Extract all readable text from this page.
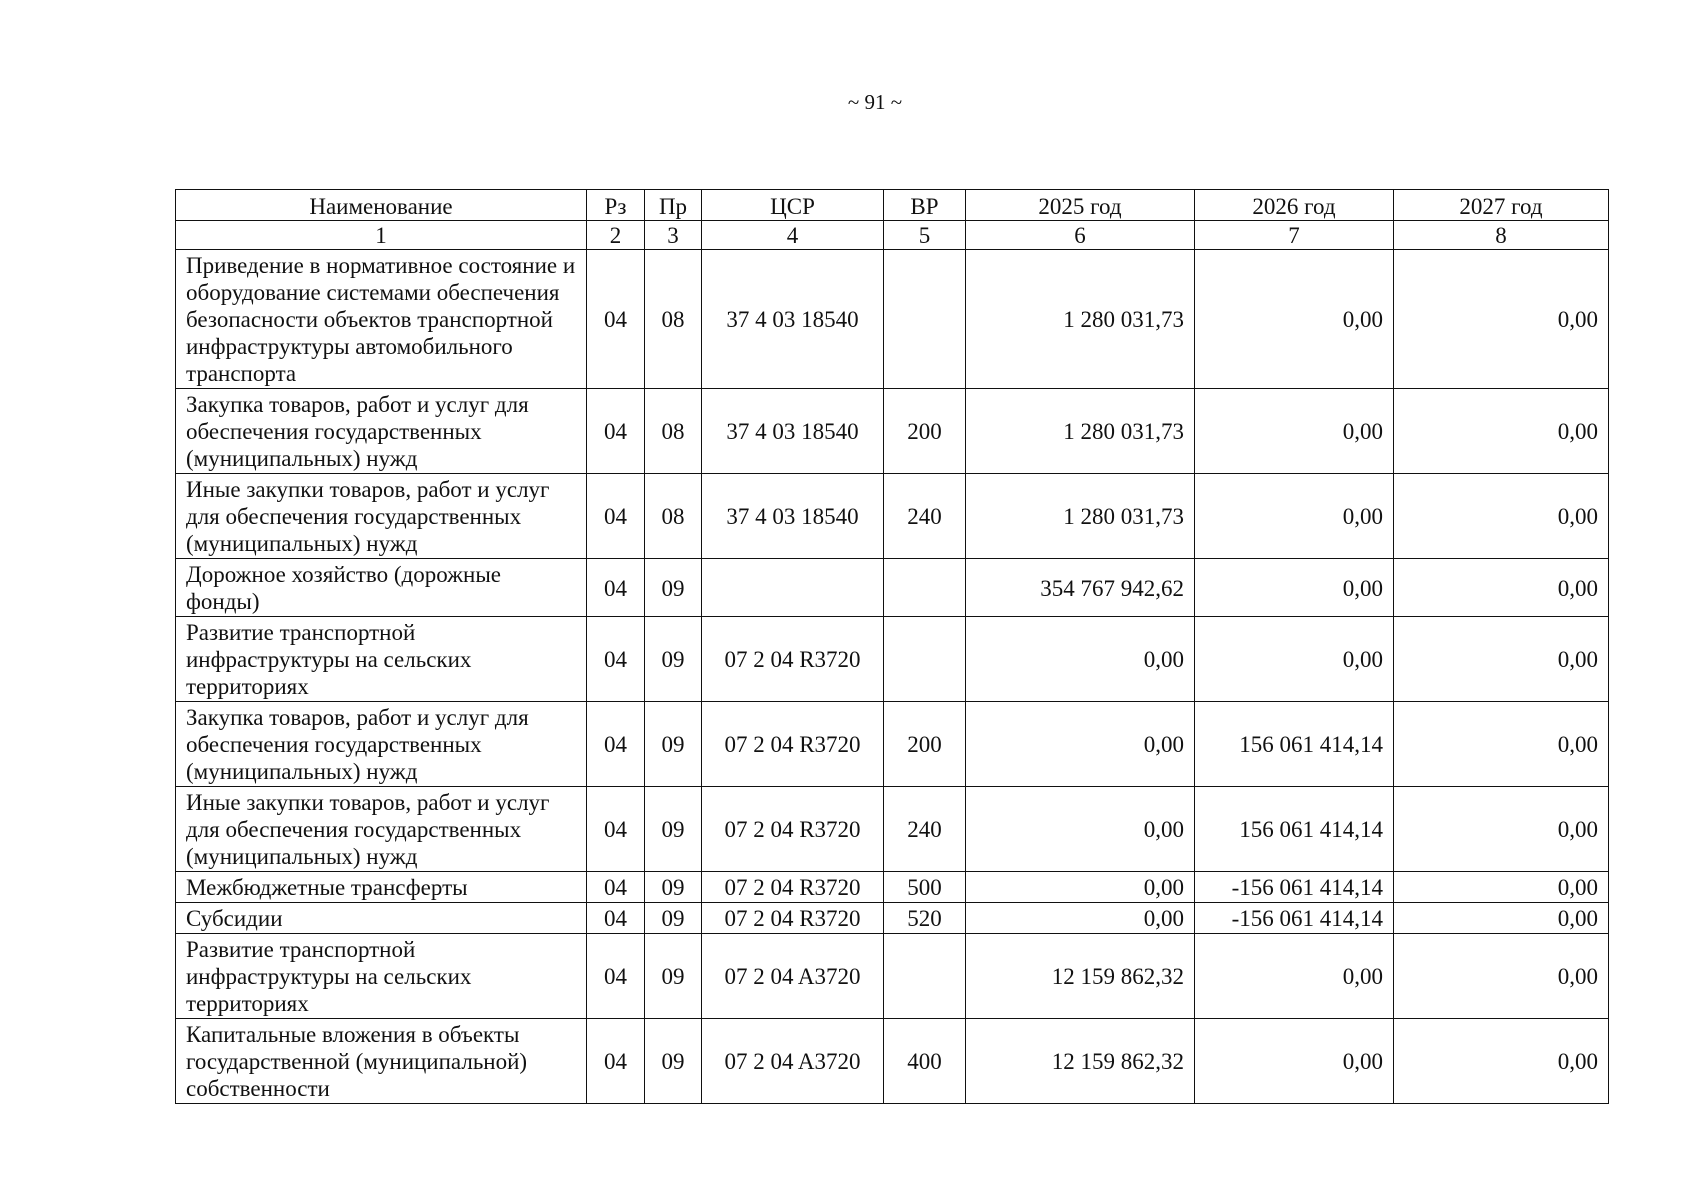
~ 91 ~
Наименование	Рз	Пр	ЦСР	ВР	2025 год	2026 год	2027 год
1	2	3	4	5	6	7	8
Приведение в нормативное состояние и оборудование системами обеспечения безопасности объектов транспортной инфраструктуры автомобильного транспорта	04	08	37 4 03 18540		1 280 031,73	0,00	0,00
Закупка товаров, работ и услуг для обеспечения государственных (муниципальных) нужд	04	08	37 4 03 18540	200	1 280 031,73	0,00	0,00
Иные закупки товаров, работ и услуг для обеспечения государственных (муниципальных) нужд	04	08	37 4 03 18540	240	1 280 031,73	0,00	0,00
Дорожное хозяйство (дорожные фонды)	04	09			354 767 942,62	0,00	0,00
Развитие транспортной инфраструктуры на сельских территориях	04	09	07 2 04 R3720		0,00	0,00	0,00
Закупка товаров, работ и услуг для обеспечения государственных (муниципальных) нужд	04	09	07 2 04 R3720	200	0,00	156 061 414,14	0,00
Иные закупки товаров, работ и услуг для обеспечения государственных (муниципальных) нужд	04	09	07 2 04 R3720	240	0,00	156 061 414,14	0,00
Межбюджетные трансферты	04	09	07 2 04 R3720	500	0,00	-156 061 414,14	0,00
Субсидии	04	09	07 2 04 R3720	520	0,00	-156 061 414,14	0,00
Развитие транспортной инфраструктуры на сельских территориях	04	09	07 2 04 A3720		12 159 862,32	0,00	0,00
Капитальные вложения в объекты государственной (муниципальной) собственности	04	09	07 2 04 A3720	400	12 159 862,32	0,00	0,00
